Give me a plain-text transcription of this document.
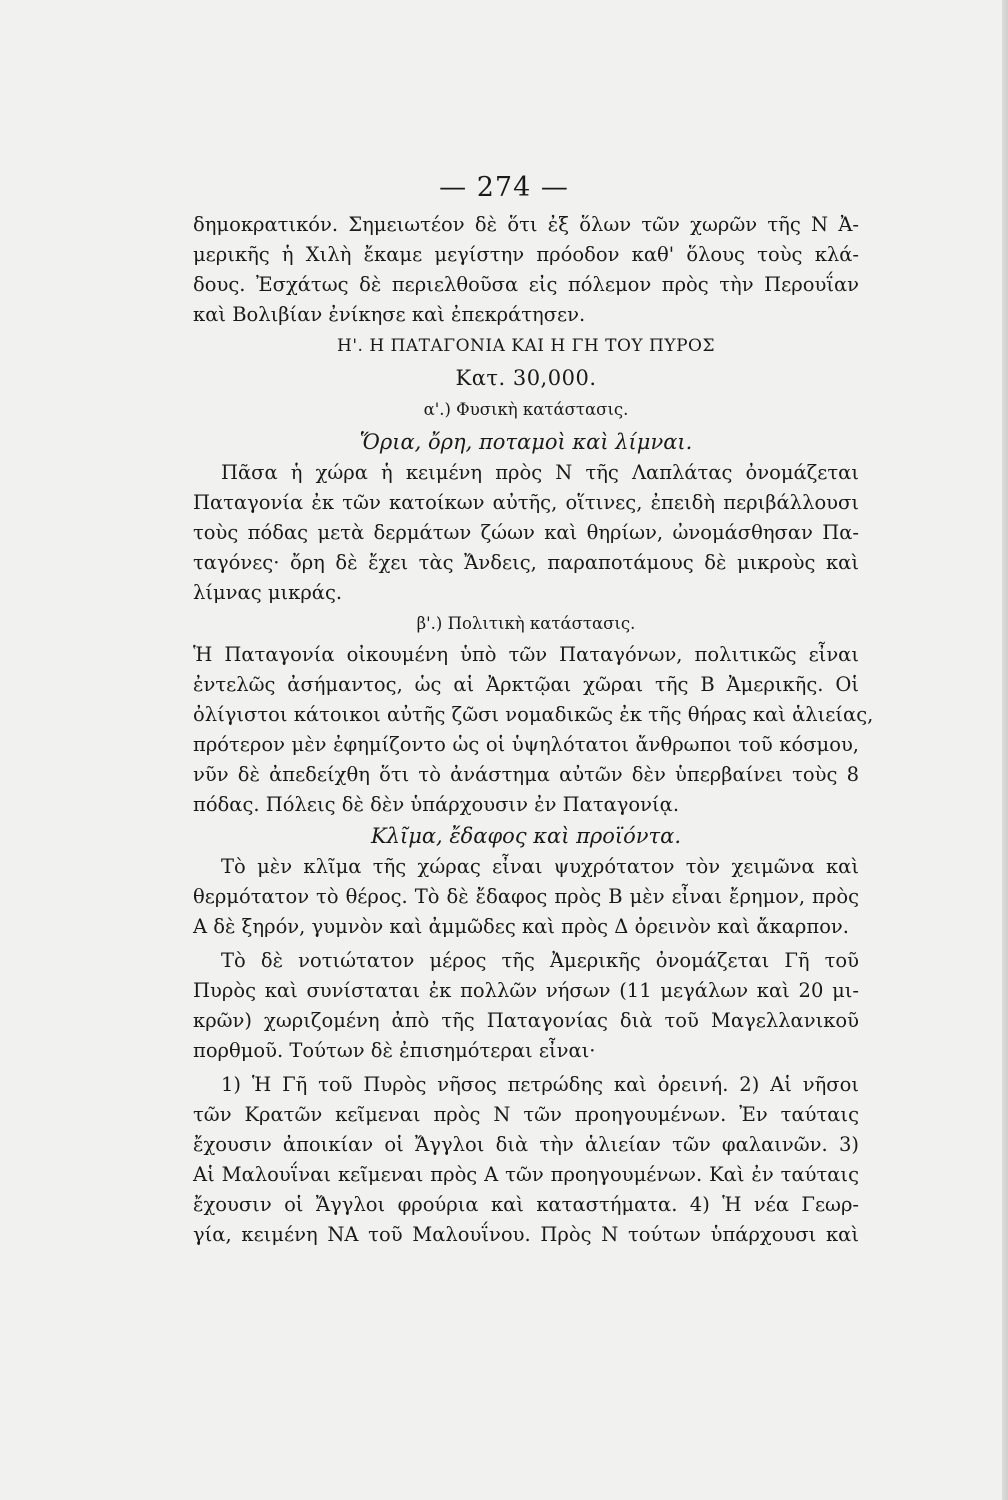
— 274 —
δημοκρατικόν. Σημειωτέον δὲ ὅτι ἐξ ὅλων τῶν χωρῶν τῆς Ν Ἀ-
μερικῆς ἡ Χιλὴ ἔκαμε μεγίστην πρόοδον καθ' ὅλους τοὺς κλά-
δους. Ἐσχάτως δὲ περιελθοῦσα εἰς πόλεμον πρὸς τὴν Περουΐαν
καὶ Βολιβίαν ἐνίκησε καὶ ἐπεκράτησεν.
Η'. Η ΠΑΤΑΓΟΝΙΑ ΚΑΙ Η ΓΗ ΤΟΥ ΠΥΡΟΣ
Κατ. 30,000.
α'.) Φυσικὴ κατάστασις.
Ὅρια, ὄρη, ποταμοὶ καὶ λίμναι.
Πᾶσα ἡ χώρα ἡ κειμένη πρὸς Ν τῆς Λαπλάτας ὀνομάζεται
Παταγονία ἐκ τῶν κατοίκων αὐτῆς, οἵτινες, ἐπειδὴ περιβάλλουσι
τοὺς πόδας μετὰ δερμάτων ζώων καὶ θηρίων, ὠνομάσθησαν Πα-
ταγόνες· ὄρη δὲ ἔχει τὰς Ἄνδεις, παραποτάμους δὲ μικροὺς καὶ
λίμνας μικράς.
β'.) Πολιτικὴ κατάστασις.
Ἡ Παταγονία οἰκουμένη ὑπὸ τῶν Παταγόνων, πολιτικῶς εἶναι
ἐντελῶς ἀσήμαντος, ὡς αἱ Ἀρκτῷαι χῶραι τῆς Β Ἀμερικῆς. Οἱ
ὀλίγιστοι κάτοικοι αὐτῆς ζῶσι νομαδικῶς ἐκ τῆς θήρας καὶ ἁλιείας,
πρότερον μὲν ἐφημίζοντο ὡς οἱ ὑψηλότατοι ἄνθρωποι τοῦ κόσμου,
νῦν δὲ ἀπεδείχθη ὅτι τὸ ἀνάστημα αὐτῶν δὲν ὑπερβαίνει τοὺς 8
πόδας. Πόλεις δὲ δὲν ὑπάρχουσιν ἐν Παταγονίᾳ.
Κλῖμα, ἔδαφος καὶ προϊόντα.
Τὸ μὲν κλῖμα τῆς χώρας εἶναι ψυχρότατον τὸν χειμῶνα καὶ
θερμότατον τὸ θέρος. Τὸ δὲ ἔδαφος πρὸς Β μὲν εἶναι ἔρημον, πρὸς
Α δὲ ξηρόν, γυμνὸν καὶ ἀμμῶδες καὶ πρὸς Δ ὀρεινὸν καὶ ἄκαρπον.
Τὸ δὲ νοτιώτατον μέρος τῆς Ἀμερικῆς ὀνομάζεται Γῆ τοῦ
Πυρὸς καὶ συνίσταται ἐκ πολλῶν νήσων (11 μεγάλων καὶ 20 μι-
κρῶν) χωριζομένη ἀπὸ τῆς Παταγονίας διὰ τοῦ Μαγελλανικοῦ
πορθμοῦ. Τούτων δὲ ἐπισημότεραι εἶναι·
1) Ἡ Γῆ τοῦ Πυρὸς νῆσος πετρώδης καὶ ὀρεινή. 2) Αἱ νῆσοι
τῶν Κρατῶν κεῖμεναι πρὸς Ν τῶν προηγουμένων. Ἐν ταύταις
ἔχουσιν ἀποικίαν οἱ Ἄγγλοι διὰ τὴν ἁλιείαν τῶν φαλαινῶν. 3)
Αἱ Μαλουΐναι κεῖμεναι πρὸς Α τῶν προηγουμένων. Καὶ ἐν ταύταις
ἔχουσιν οἱ Ἄγγλοι φρούρια καὶ καταστήματα. 4) Ἡ νέα Γεωρ-
γία, κειμένη ΝΑ τοῦ Μαλουΐνου. Πρὸς Ν τούτων ὑπάρχουσι καὶ
